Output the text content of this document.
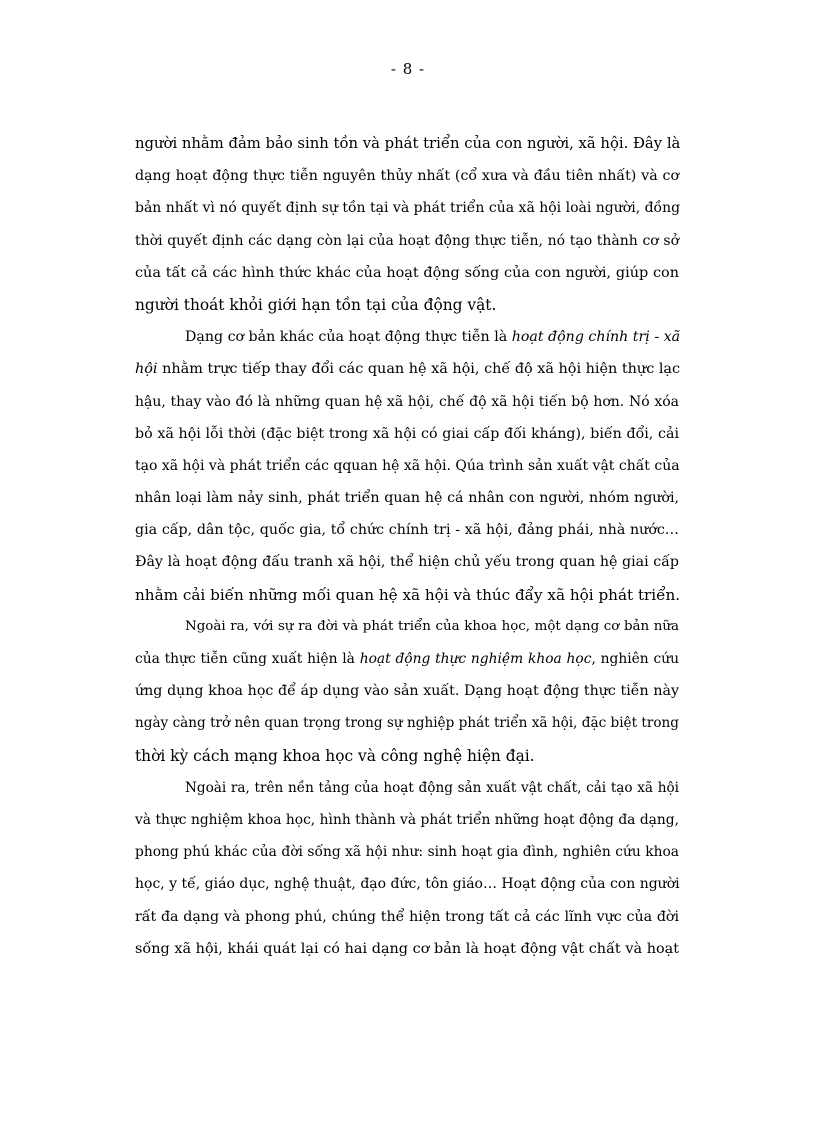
- 8 -
người nhằm đảm bảo sinh tồn và phát triển của con người, xã hội. Đây là
dạng hoạt động thực tiễn nguyên thủy nhất (cổ xưa và đầu tiên nhất) và cơ
bản nhất vì nó quyết định sự tồn tại và phát triển của xã hội loài người, đồng
thời quyết định các dạng còn lại của hoạt động thực tiễn, nó tạo thành cơ sở
của tất cả các hình thức khác của hoạt động sống của con người, giúp con
người thoát khỏi giới hạn tồn tại của động vật.
Dạng cơ bản khác của hoạt động thực tiễn là hoạt động chính trị - xã
hội nhằm trực tiếp thay đổi các quan hệ xã hội, chế độ xã hội hiện thực lạc
hậu, thay vào đó là những quan hệ xã hội, chế độ xã hội tiến bộ hơn. Nó xóa
bỏ xã hội lỗi thời (đặc biệt trong xã hội có giai cấp đối kháng), biến đổi, cải
tạo xã hội và phát triển các qquan hệ xã hội. Qúa trình sản xuất vật chất của
nhân loại làm nảy sinh, phát triển quan hệ cá nhân con người, nhóm người,
gia cấp, dân tộc, quốc gia, tổ chức chính trị - xã hội, đảng phái, nhà nước…
Đây là hoạt động đấu tranh xã hội, thể hiện chủ yếu trong quan hệ giai cấp
nhằm cải biến những mối quan hệ xã hội và thúc đẩy xã hội phát triển.
Ngoài ra, với sự ra đời và phát triển của khoa học, một dạng cơ bản nữa
của thực tiễn cũng xuất hiện là hoạt động thực nghiệm khoa học, nghiên cứu
ứng dụng khoa học để áp dụng vào sản xuất. Dạng hoạt động thực tiễn này
ngày càng trở nên quan trọng trong sự nghiệp phát triển xã hội, đặc biệt trong
thời kỳ cách mạng khoa học và công nghệ hiện đại.
Ngoài ra, trên nền tảng của hoạt động sản xuất vật chất, cải tạo xã hội
và thực nghiệm khoa học, hình thành và phát triển những hoạt động đa dạng,
phong phú khác của đời sống xã hội như: sinh hoạt gia đình, nghiên cứu khoa
học, y tế, giáo dục, nghệ thuật, đạo đức, tôn giáo… Hoạt động của con người
rất đa dạng và phong phú, chúng thể hiện trong tất cả các lĩnh vực của đời
sống xã hội, khái quát lại có hai dạng cơ bản là hoạt động vật chất và hoạt
